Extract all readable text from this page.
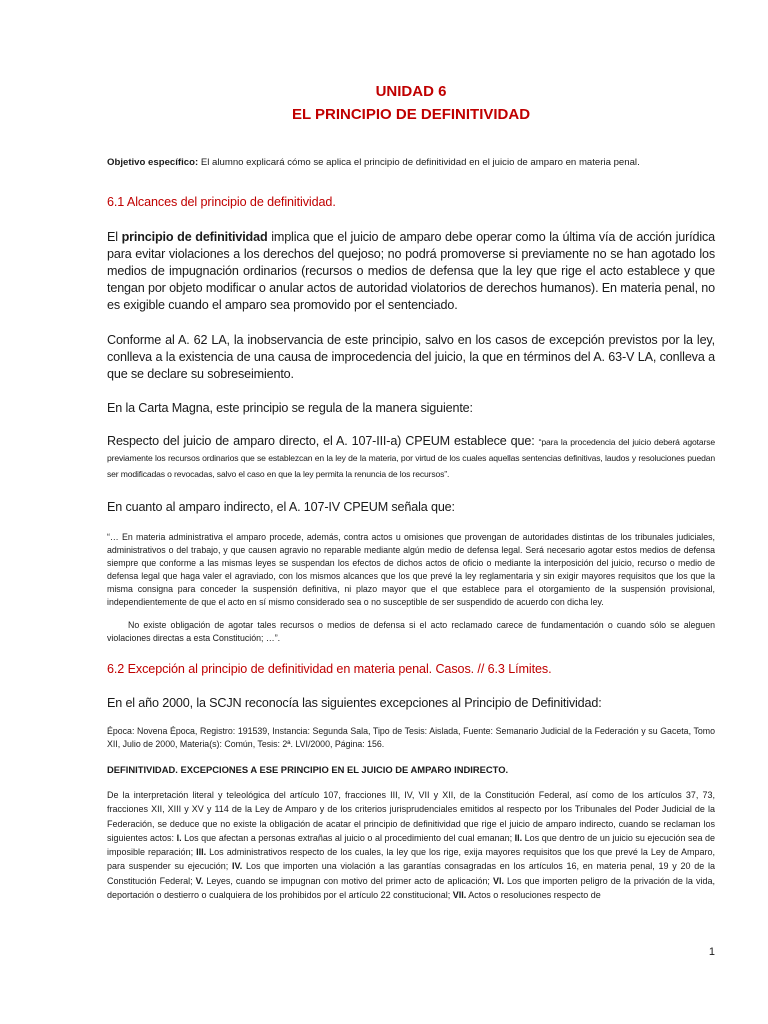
UNIDAD 6

EL PRINCIPIO DE DEFINITIVIDAD

Objetivo específico: El alumno explicará cómo se aplica el principio de definitividad en el juicio de amparo en materia penal.

6.1 Alcances del principio de definitividad.

El principio de definitividad implica que el juicio de amparo debe operar como la última vía de acción jurídica para evitar violaciones a los derechos del quejoso; no podrá promoverse si previamente no se han agotado los medios de impugnación ordinarios (recursos o medios de defensa que la ley que rige el acto establece y que tengan por objeto modificar o anular actos de autoridad violatorios de derechos humanos). En materia penal, no es exigible cuando el amparo sea promovido por el sentenciado.

Conforme al A. 62 LA, la inobservancia de este principio, salvo en los casos de excepción previstos por la ley, conlleva a la existencia de una causa de improcedencia del juicio, la que en términos del A. 63-V LA, conlleva a que se declare su sobreseimiento.

En la Carta Magna, este principio se regula de la manera siguiente:

Respecto del juicio de amparo directo, el A. 107-III-a) CPEUM establece que: “para la procedencia del juicio deberá agotarse previamente los recursos ordinarios que se establezcan en la ley de la materia, por virtud de los cuales aquellas sentencias definitivas, laudos y resoluciones puedan ser modificadas o revocadas, salvo el caso en que la ley permita la renuncia de los recursos”.

En cuanto al amparo indirecto, el A. 107-IV CPEUM señala que:

“… En materia administrativa el amparo procede, además, contra actos u omisiones que provengan de autoridades distintas de los tribunales judiciales, administrativos o del trabajo, y que causen agravio no reparable mediante algún medio de defensa legal. Será necesario agotar estos medios de defensa siempre que conforme a las mismas leyes se suspendan los efectos de dichos actos de oficio o mediante la interposición del juicio, recurso o medio de defensa legal que haga valer el agraviado, con los mismos alcances que los que prevé la ley reglamentaria y sin exigir mayores requisitos que los que la misma consigna para conceder la suspensión definitiva, ni plazo mayor que el que establece para el otorgamiento de la suspensión provisional, independientemente de que el acto en sí mismo considerado sea o no susceptible de ser suspendido de acuerdo con dicha ley.

No existe obligación de agotar tales recursos o medios de defensa si el acto reclamado carece de fundamentación o cuando sólo se aleguen violaciones directas a esta Constitución; …”.

6.2 Excepción al principio de definitividad en materia penal. Casos. // 6.3 Límites.

En el año 2000, la SCJN reconocía las siguientes excepciones al Principio de Definitividad:

Época: Novena Época, Registro: 191539, Instancia: Segunda Sala, Tipo de Tesis: Aislada, Fuente: Semanario Judicial de la Federación y su Gaceta, Tomo XII, Julio de 2000, Materia(s): Común, Tesis: 2ª. LVI/2000, Página: 156.

DEFINITIVIDAD. EXCEPCIONES A ESE PRINCIPIO EN EL JUICIO DE AMPARO INDIRECTO.

De la interpretación literal y teleológica del artículo 107, fracciones III, IV, VII y XII, de la Constitución Federal, así como de los artículos 37, 73, fracciones XII, XIII y XV y 114 de la Ley de Amparo y de los criterios jurisprudenciales emitidos al respecto por los Tribunales del Poder Judicial de la Federación, se deduce que no existe la obligación de acatar el principio de definitividad que rige el juicio de amparo indirecto, cuando se reclaman los siguientes actos: I. Los que afectan a personas extrañas al juicio o al procedimiento del cual emanan; II. Los que dentro de un juicio su ejecución sea de imposible reparación; III. Los administrativos respecto de los cuales, la ley que los rige, exija mayores requisitos que los que prevé la Ley de Amparo, para suspender su ejecución; IV. Los que importen una violación a las garantías consagradas en los artículos 16, en materia penal, 19 y 20 de la Constitución Federal; V. Leyes, cuando se impugnan con motivo del primer acto de aplicación; VI. Los que importen peligro de la privación de la vida, deportación o destierro o cualquiera de los prohibidos por el artículo 22 constitucional; VII. Actos o resoluciones respecto de

1
